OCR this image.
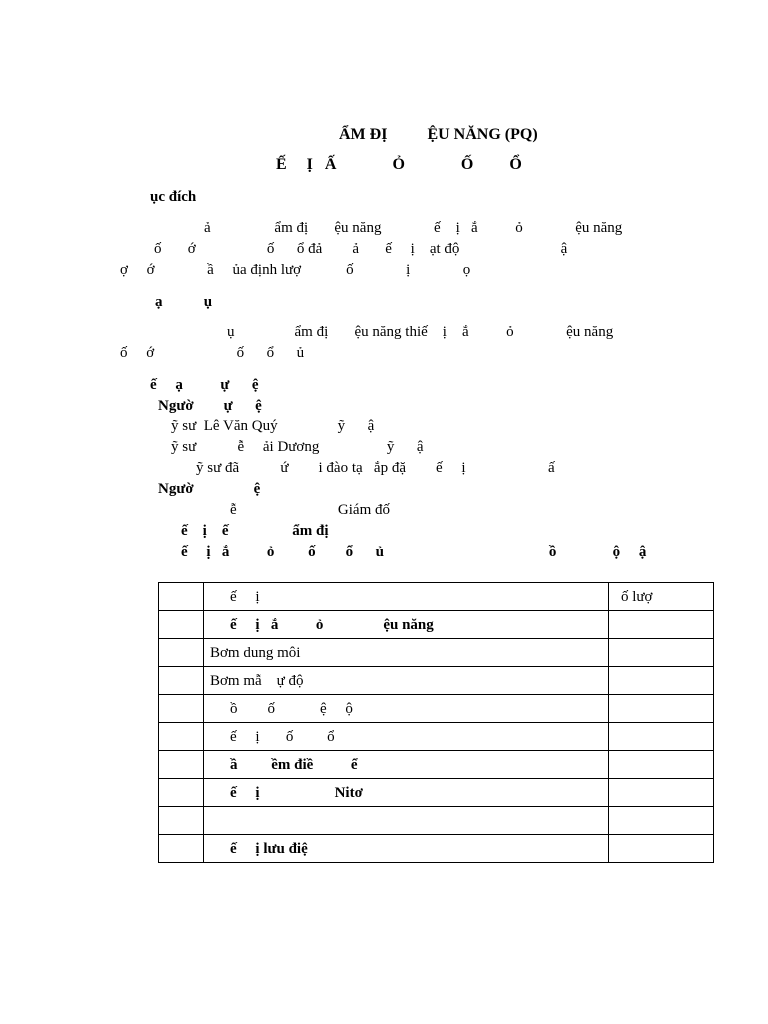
ẨM ĐỊ          ỆU NĂNG (PQ)
Ế     Ị   Ấ              Ỏ              Ố         Ổ
ục đích
ả                 ẩm đị       ệu năng              ế    ị   ắ          ỏ              ệu năng
ố       ớ                   ố      ổ đả        ả       ế     ị    ạt độ                           ậ
ợ     ớ              ầ     ủa định lượ            ố              ị              ọ
ạ           ụ
ụ                ẩm đị       ệu năng thiế    ị    ắ          ỏ              ệu năng
ố     ớ                      ố      ổ      ủ
ế     ạ          ự      ệ
Ngườ        ự      ệ
ỹ sư  Lê Văn Quý                ỹ      ậ
ỹ sư           ễ     ải Dương                  ỹ      ậ
ỹ sư đã           ứ        i đào tạ   ắp đặ        ế     ị                      ấ
Ngườ                ệ
ễ                           Giám đố
ế    ị    ế                 ẩm đị
ế     ị   ắ          ỏ         ố        ổ      ủ                                            ồ               ộ     ậ
	ế     ị	ố lượ
	ế     ị   ắ          ỏ                ệu năng	
	Bơm dung môi	
	Bơm mẫ    ự độ	
	ồ        ố            ệ     ộ	
	ế     ị       ố         ổ	
	ầ         ềm điề          ể	
	ế     ị                    Nitơ	

	ế     ị lưu điệ	
